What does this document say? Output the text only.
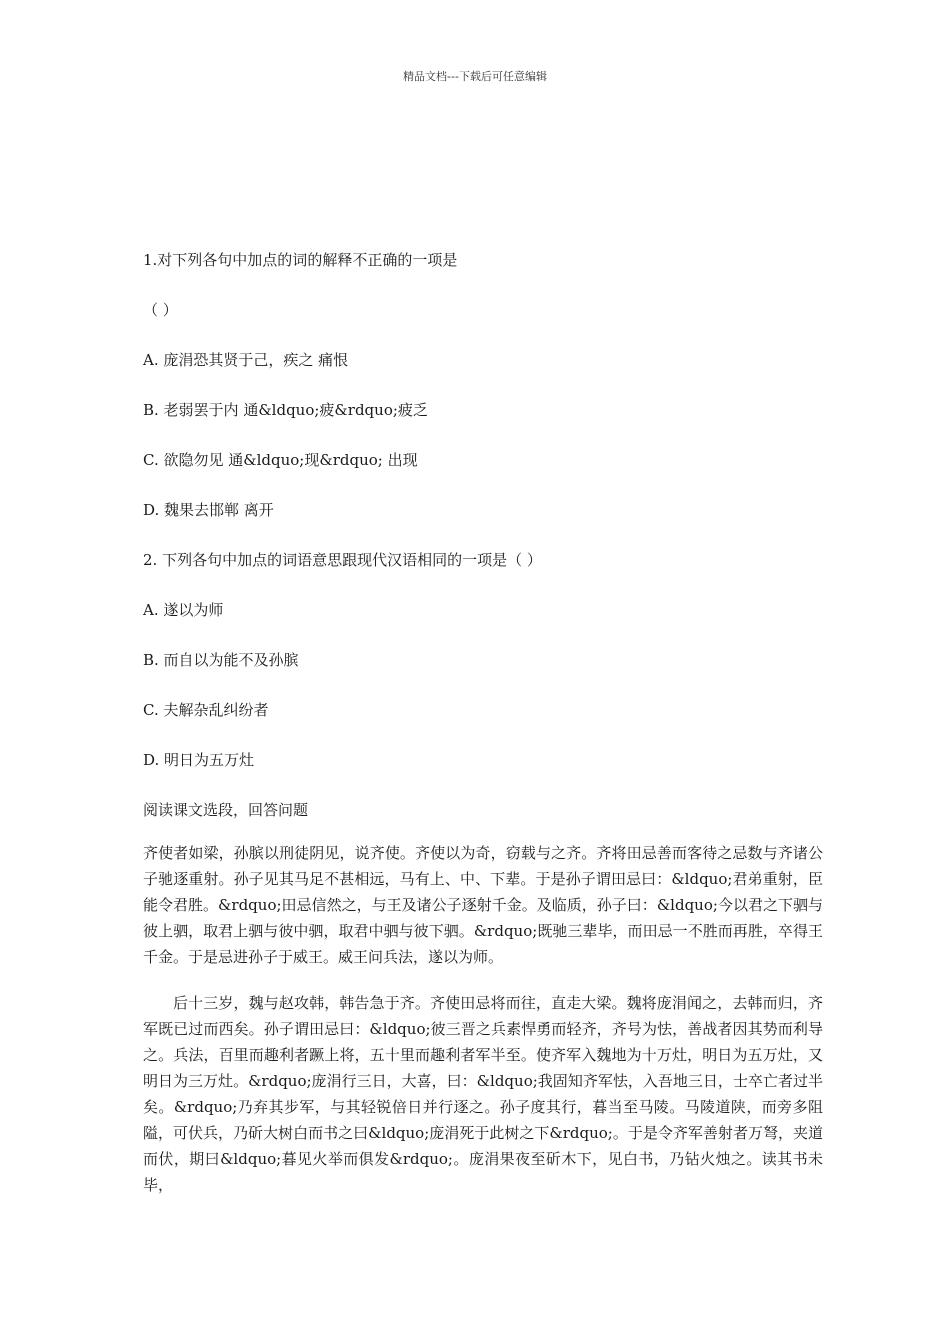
精品文档---下载后可任意编辑

1.对下列各句中加点的词的解释不正确的一项是

（ ）

A. 庞涓恐其贤于己，疾之 痛恨

B. 老弱罢于内 通&ldquo;疲&rdquo;疲乏

C. 欲隐勿见 通&ldquo;现&rdquo; 出现

D. 魏果去邯郸 离开

2. 下列各句中加点的词语意思跟现代汉语相同的一项是（ ）

A. 遂以为师

B. 而自以为能不及孙膑

C. 夫解杂乱纠纷者

D. 明日为五万灶

阅读课文选段，回答问题

齐使者如梁，孙膑以刑徒阴见，说齐使。齐使以为奇，窃载与之齐。齐将田忌善而客待之忌数与齐诸公子驰逐重射。孙子见其马足不甚相远，马有上、中、下辈。于是孙子谓田忌曰：&ldquo;君弟重射，臣能令君胜。&rdquo;田忌信然之，与王及诸公子逐射千金。及临质，孙子曰：&ldquo;今以君之下驷与彼上驷，取君上驷与彼中驷，取君中驷与彼下驷。&rdquo;既驰三辈毕，而田忌一不胜而再胜，卒得王千金。于是忌进孙子于威王。威王问兵法，遂以为师。

后十三岁，魏与赵攻韩，韩告急于齐。齐使田忌将而往，直走大梁。魏将庞涓闻之，去韩而归，齐军既已过而西矣。孙子谓田忌曰：&ldquo;彼三晋之兵素悍勇而轻齐，齐号为怯，善战者因其势而利导之。兵法，百里而趣利者蹶上将，五十里而趣利者军半至。使齐军入魏地为十万灶，明日为五万灶，又明日为三万灶。&rdquo;庞涓行三日，大喜，曰：&ldquo;我固知齐军怯，入吾地三日，士卒亡者过半矣。&rdquo;乃弃其步军，与其轻锐倍日并行逐之。孙子度其行，暮当至马陵。马陵道陕，而旁多阻隘，可伏兵，乃斫大树白而书之曰&ldquo;庞涓死于此树之下&rdquo;。于是令齐军善射者万弩，夹道而伏，期曰&ldquo;暮见火举而俱发&rdquo;。庞涓果夜至斫木下，见白书，乃钻火烛之。读其书未毕，
